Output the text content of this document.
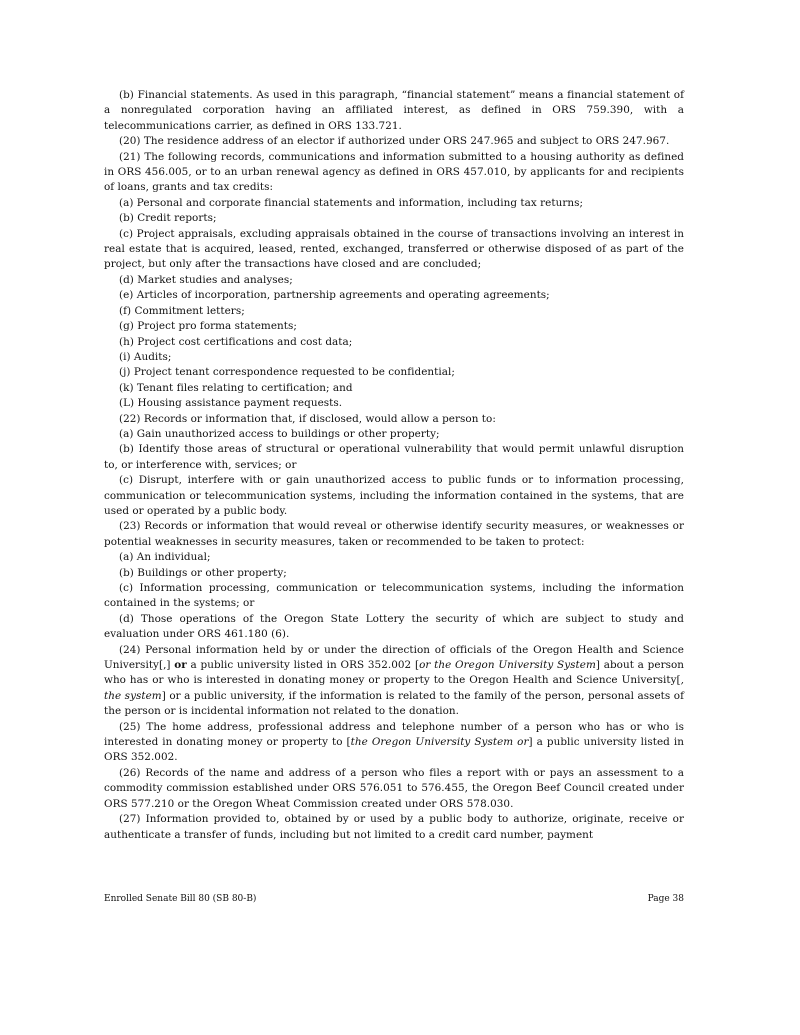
(b) Financial statements. As used in this paragraph, “financial statement” means a financial statement of a nonregulated corporation having an affiliated interest, as defined in ORS 759.390, with a telecommunications carrier, as defined in ORS 133.721.

(20) The residence address of an elector if authorized under ORS 247.965 and subject to ORS 247.967.

(21) The following records, communications and information submitted to a housing authority as defined in ORS 456.005, or to an urban renewal agency as defined in ORS 457.010, by applicants for and recipients of loans, grants and tax credits:

(a) Personal and corporate financial statements and information, including tax returns;

(b) Credit reports;

(c) Project appraisals, excluding appraisals obtained in the course of transactions involving an interest in real estate that is acquired, leased, rented, exchanged, transferred or otherwise disposed of as part of the project, but only after the transactions have closed and are concluded;

(d) Market studies and analyses;

(e) Articles of incorporation, partnership agreements and operating agreements;

(f) Commitment letters;

(g) Project pro forma statements;

(h) Project cost certifications and cost data;

(i) Audits;

(j) Project tenant correspondence requested to be confidential;

(k) Tenant files relating to certification; and

(L) Housing assistance payment requests.

(22) Records or information that, if disclosed, would allow a person to:

(a) Gain unauthorized access to buildings or other property;

(b) Identify those areas of structural or operational vulnerability that would permit unlawful disruption to, or interference with, services; or

(c) Disrupt, interfere with or gain unauthorized access to public funds or to information processing, communication or telecommunication systems, including the information contained in the systems, that are used or operated by a public body.

(23) Records or information that would reveal or otherwise identify security measures, or weaknesses or potential weaknesses in security measures, taken or recommended to be taken to protect:

(a) An individual;

(b) Buildings or other property;

(c) Information processing, communication or telecommunication systems, including the information contained in the systems; or

(d) Those operations of the Oregon State Lottery the security of which are subject to study and evaluation under ORS 461.180 (6).

(24) Personal information held by or under the direction of officials of the Oregon Health and Science University[,] or a public university listed in ORS 352.002 [or the Oregon University System] about a person who has or who is interested in donating money or property to the Oregon Health and Science University[, the system] or a public university, if the information is related to the family of the person, personal assets of the person or is incidental information not related to the donation.

(25) The home address, professional address and telephone number of a person who has or who is interested in donating money or property to [the Oregon University System or] a public university listed in ORS 352.002.

(26) Records of the name and address of a person who files a report with or pays an assessment to a commodity commission established under ORS 576.051 to 576.455, the Oregon Beef Council created under ORS 577.210 or the Oregon Wheat Commission created under ORS 578.030.

(27) Information provided to, obtained by or used by a public body to authorize, originate, receive or authenticate a transfer of funds, including but not limited to a credit card number, payment

Enrolled Senate Bill 80 (SB 80-B)	Page 38
